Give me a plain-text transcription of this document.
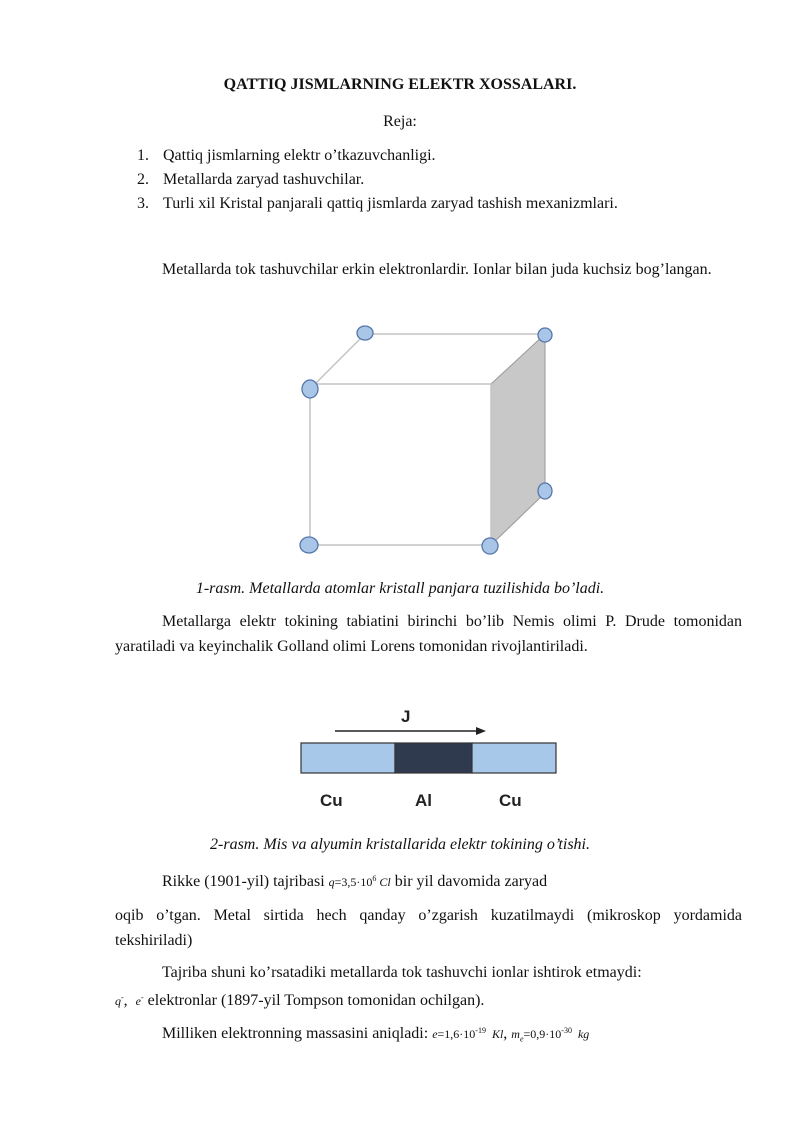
QATTIQ JISMLARNING ELEKTR XOSSALARI.
Reja:
1. Qattiq jismlarning elektr o’tkazuvchanligi.
2. Metallarda zaryad tashuvchilar.
3. Turli xil Kristal panjarali qattiq jismlarda zaryad tashish mexanizmlari.
Metallarda tok tashuvchilar erkin elektronlardir. Ionlar bilan juda kuchsiz bog’langan.
1-rasm. Metallarda atomlar kristall panjara tuzilishida bo’ladi.
Metallarga elektr tokining tabiatini birinchi bo’lib Nemis olimi P. Drude tomonidan yaratiladi va keyinchalik Golland olimi Lorens tomonidan rivojlantiriladi.
J
Cu	Al	Cu
2-rasm. Mis va alyumin kristallarida elektr tokining o’tishi.
Rikke (1901-yil) tajribasi $q=3,5\cdot 10^6$ Cl bir yil davomida zaryad
oqib o’tgan. Metal sirtida hech qanday o’zgarish kuzatilmaydi (mikroskop yordamida tekshiriladi)
Tajriba shuni ko’rsatadiki metallarda tok tashuvchi ionlar ishtirok etmaydi:
q-,  e- elektronlar (1897-yil Tompson tomonidan ochilgan).
Milliken elektronning massasini aniqladi: $e=1,6\cdot 10^{-19}$ Kl, $m_e=0,9\cdot 10^{-30}$ kg
